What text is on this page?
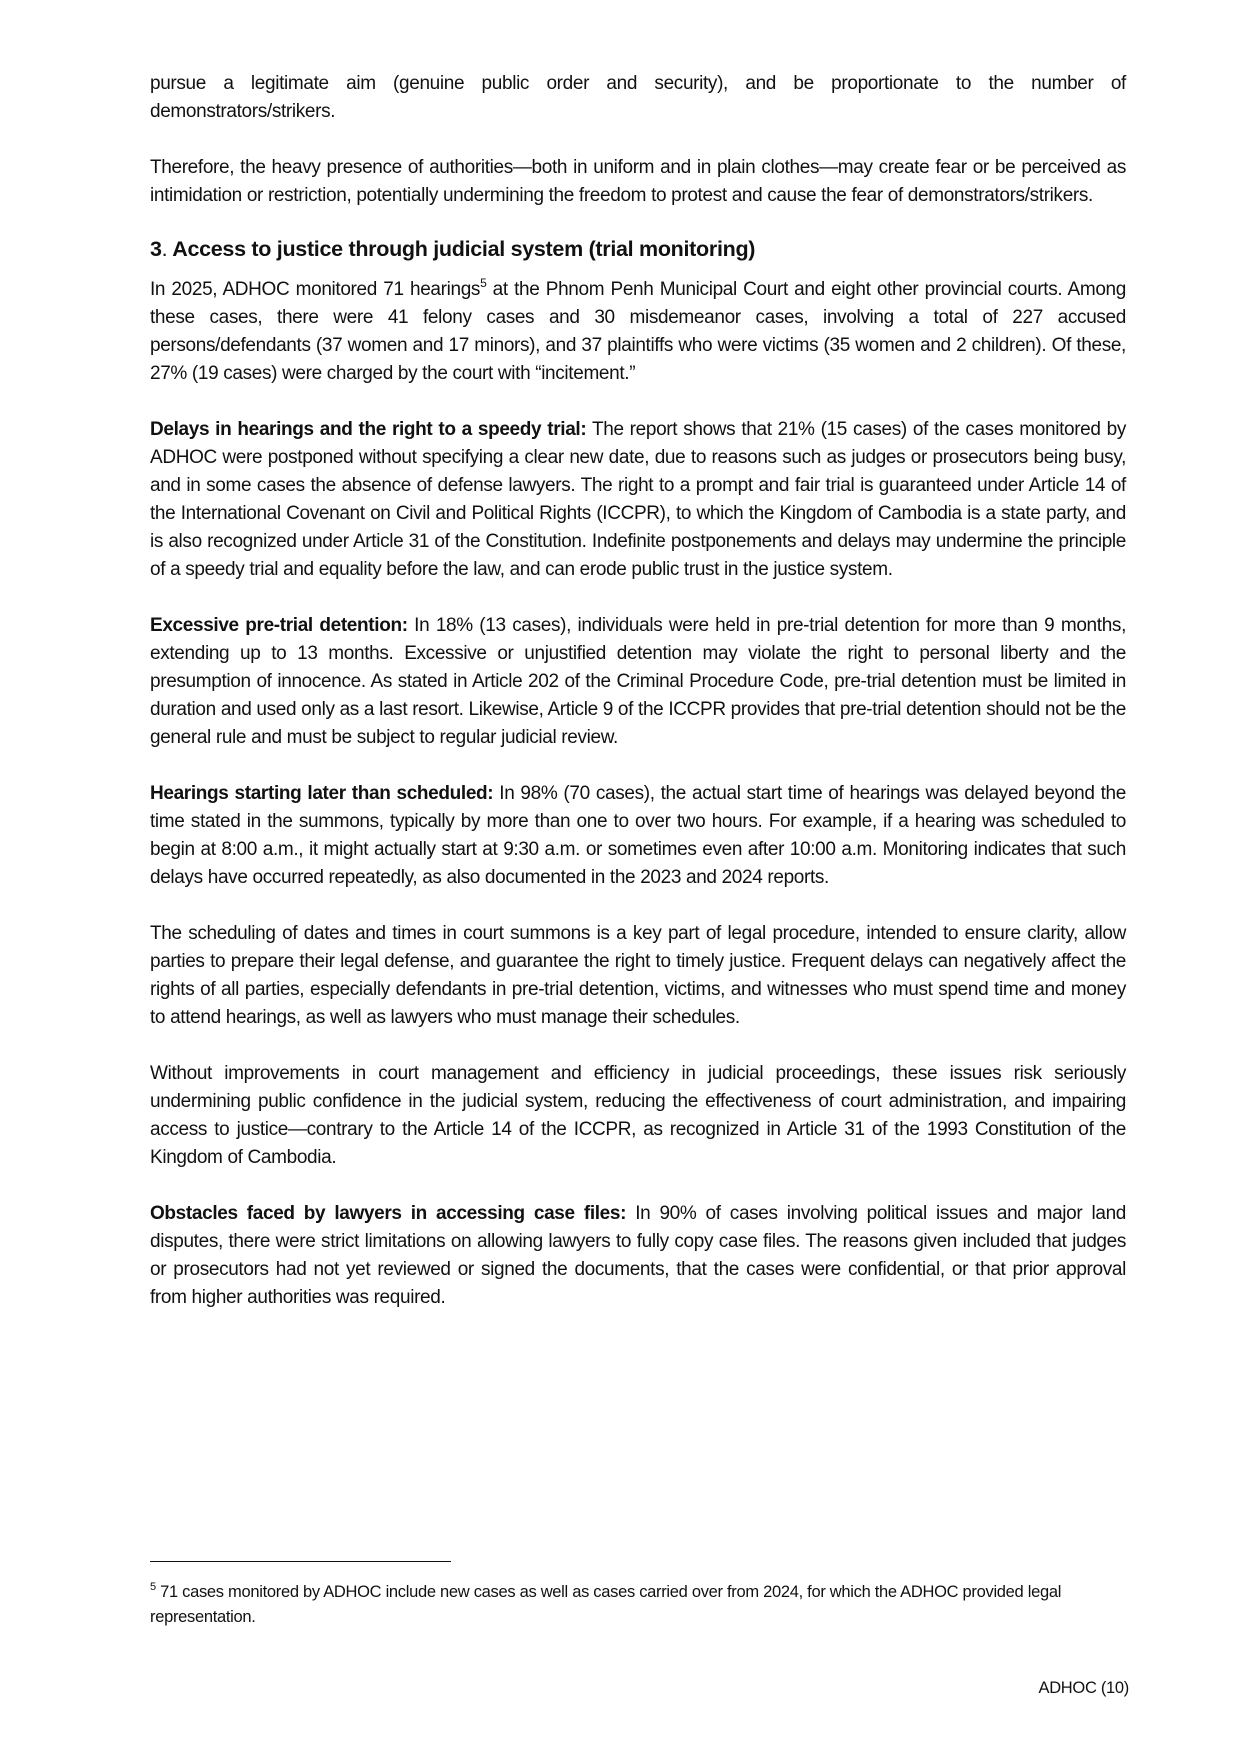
pursue a legitimate aim (genuine public order and security), and be proportionate to the number of demonstrators/strikers.

Therefore, the heavy presence of authorities—both in uniform and in plain clothes—may create fear or be perceived as intimidation or restriction, potentially undermining the freedom to protest and cause the fear of demonstrators/strikers.

3. Access to justice through judicial system (trial monitoring)

In 2025, ADHOC monitored 71 hearings$^5$ at the Phnom Penh Municipal Court and eight other provincial courts. Among these cases, there were 41 felony cases and 30 misdemeanor cases, involving a total of 227 accused persons/defendants (37 women and 17 minors), and 37 plaintiffs who were victims (35 women and 2 children). Of these, 27% (19 cases) were charged by the court with “incitement.”

Delays in hearings and the right to a speedy trial: The report shows that 21% (15 cases) of the cases monitored by ADHOC were postponed without specifying a clear new date, due to reasons such as judges or prosecutors being busy, and in some cases the absence of defense lawyers. The right to a prompt and fair trial is guaranteed under Article 14 of the International Covenant on Civil and Political Rights (ICCPR), to which the Kingdom of Cambodia is a state party, and is also recognized under Article 31 of the Constitution. Indefinite postponements and delays may undermine the principle of a speedy trial and equality before the law, and can erode public trust in the justice system.

Excessive pre-trial detention: In 18% (13 cases), individuals were held in pre-trial detention for more than 9 months, extending up to 13 months. Excessive or unjustified detention may violate the right to personal liberty and the presumption of innocence. As stated in Article 202 of the Criminal Procedure Code, pre-trial detention must be limited in duration and used only as a last resort. Likewise, Article 9 of the ICCPR provides that pre-trial detention should not be the general rule and must be subject to regular judicial review.

Hearings starting later than scheduled: In 98% (70 cases), the actual start time of hearings was delayed beyond the time stated in the summons, typically by more than one to over two hours. For example, if a hearing was scheduled to begin at 8:00 a.m., it might actually start at 9:30 a.m. or sometimes even after 10:00 a.m. Monitoring indicates that such delays have occurred repeatedly, as also documented in the 2023 and 2024 reports.

The scheduling of dates and times in court summons is a key part of legal procedure, intended to ensure clarity, allow parties to prepare their legal defense, and guarantee the right to timely justice. Frequent delays can negatively affect the rights of all parties, especially defendants in pre-trial detention, victims, and witnesses who must spend time and money to attend hearings, as well as lawyers who must manage their schedules.

Without improvements in court management and efficiency in judicial proceedings, these issues risk seriously undermining public confidence in the judicial system, reducing the effectiveness of court administration, and impairing access to justice—contrary to the Article 14 of the ICCPR, as recognized in Article 31 of the 1993 Constitution of the Kingdom of Cambodia.

Obstacles faced by lawyers in accessing case files: In 90% of cases involving political issues and major land disputes, there were strict limitations on allowing lawyers to fully copy case files. The reasons given included that judges or prosecutors had not yet reviewed or signed the documents, that the cases were confidential, or that prior approval from higher authorities was required.

$^5$ 71 cases monitored by ADHOC include new cases as well as cases carried over from 2024, for which the ADHOC provided legal representation.
ADHOC (10)
